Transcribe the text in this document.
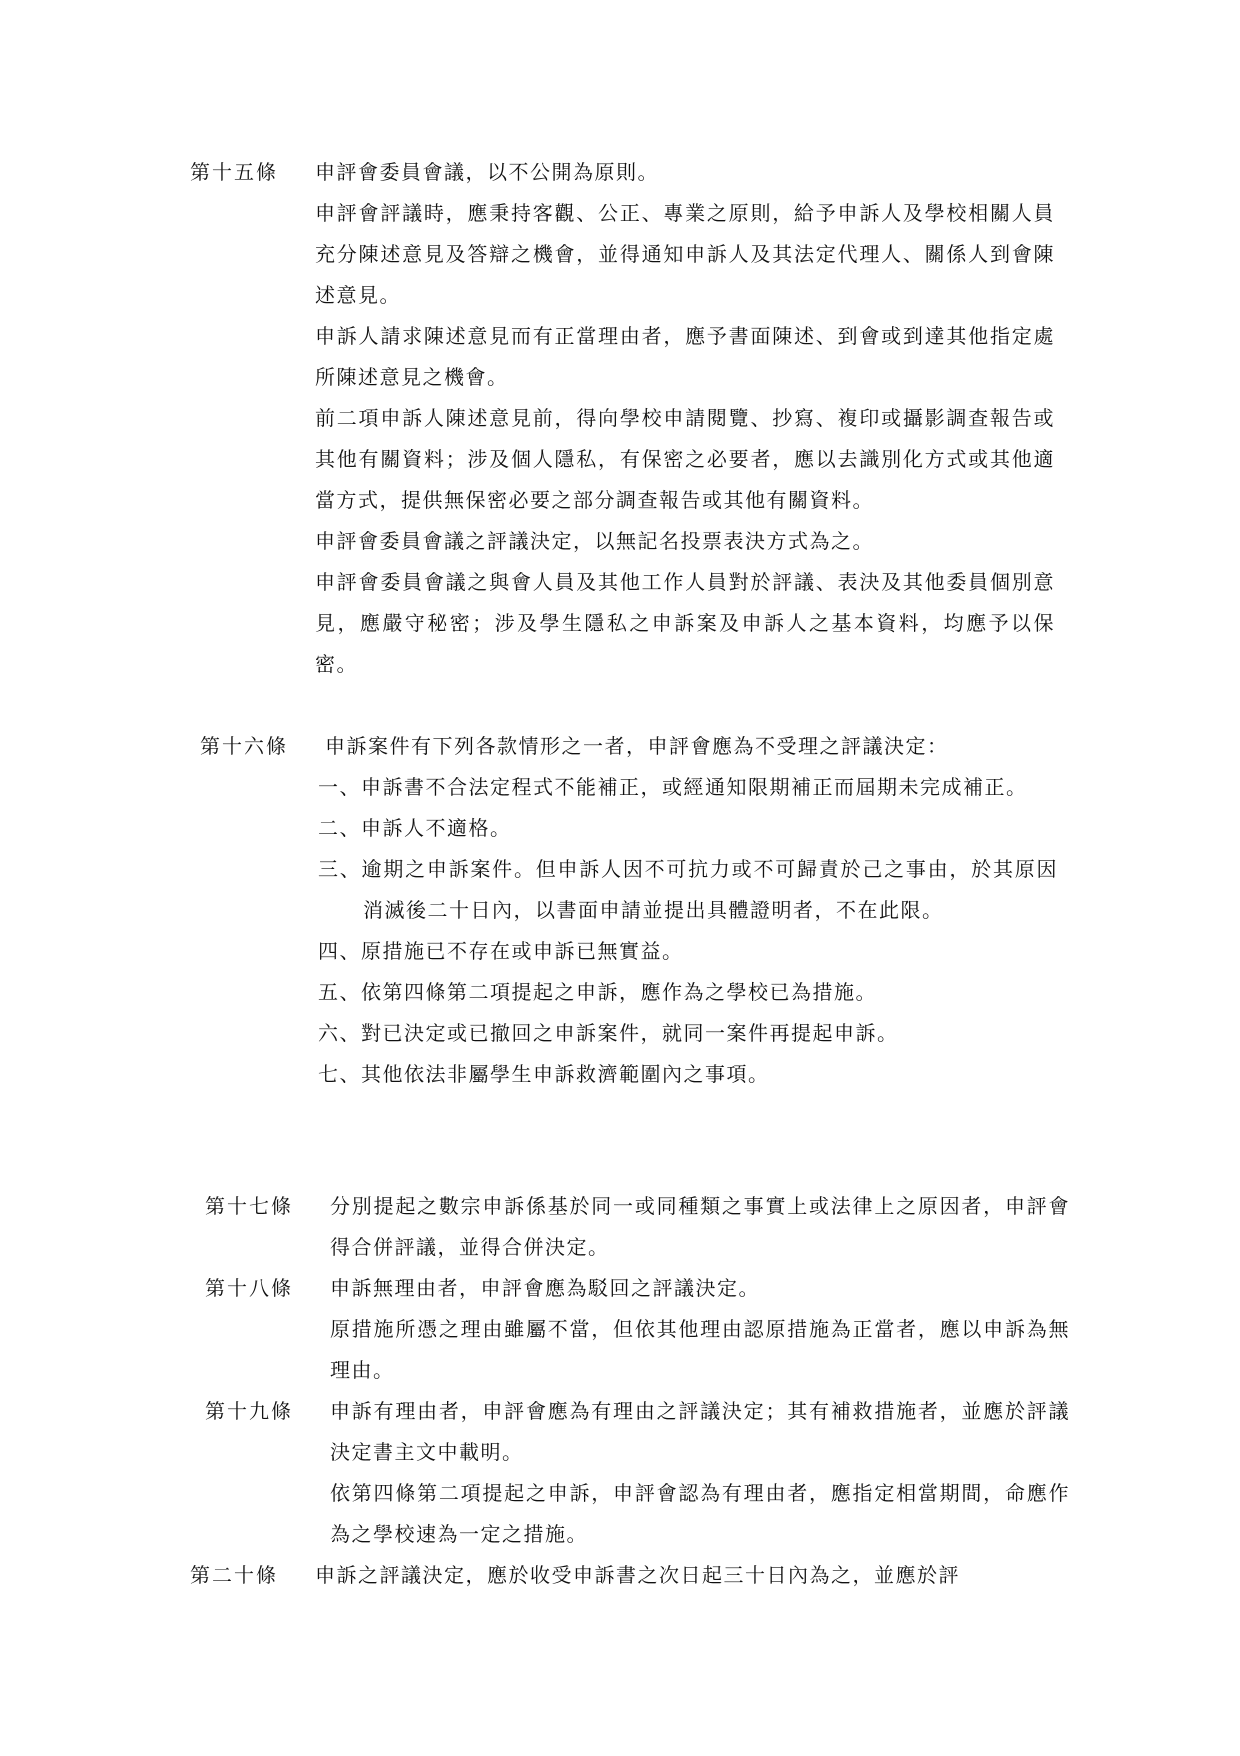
第十五條 申評會委員會議，以不公開為原則。

申評會評議時，應秉持客觀、公正、專業之原則，給予申訴人及學校相關人員充分陳述意見及答辯之機會，並得通知申訴人及其法定代理人、關係人到會陳述意見。

申訴人請求陳述意見而有正當理由者，應予書面陳述、到會或到達其他指定處所陳述意見之機會。

前二項申訴人陳述意見前，得向學校申請閱覽、抄寫、複印或攝影調查報告或其他有關資料；涉及個人隱私，有保密之必要者，應以去識別化方式或其他適當方式，提供無保密必要之部分調查報告或其他有關資料。

申評會委員會議之評議決定，以無記名投票表決方式為之。

申評會委員會議之與會人員及其他工作人員對於評議、表決及其他委員個別意見，應嚴守秘密；涉及學生隱私之申訴案及申訴人之基本資料，均應予以保密。

第十六條 申訴案件有下列各款情形之一者，申評會應為不受理之評議決定：

一、申訴書不合法定程式不能補正，或經通知限期補正而屆期未完成補正。

二、申訴人不適格。

三、逾期之申訴案件。但申訴人因不可抗力或不可歸責於己之事由，於其原因消滅後二十日內，以書面申請並提出具體證明者，不在此限。

四、原措施已不存在或申訴已無實益。

五、依第四條第二項提起之申訴，應作為之學校已為措施。

六、對已決定或已撤回之申訴案件，就同一案件再提起申訴。

七、其他依法非屬學生申訴救濟範圍內之事項。

第十七條 分別提起之數宗申訴係基於同一或同種類之事實上或法律上之原因者，申評會得合併評議，並得合併決定。

第十八條 申訴無理由者，申評會應為駁回之評議決定。

原措施所憑之理由雖屬不當，但依其他理由認原措施為正當者，應以申訴為無理由。

第十九條 申訴有理由者，申評會應為有理由之評議決定；其有補救措施者，並應於評議決定書主文中載明。

依第四條第二項提起之申訴，申評會認為有理由者，應指定相當期間，命應作為之學校速為一定之措施。

第二十條 申訴之評議決定，應於收受申訴書之次日起三十日內為之，並應於評
